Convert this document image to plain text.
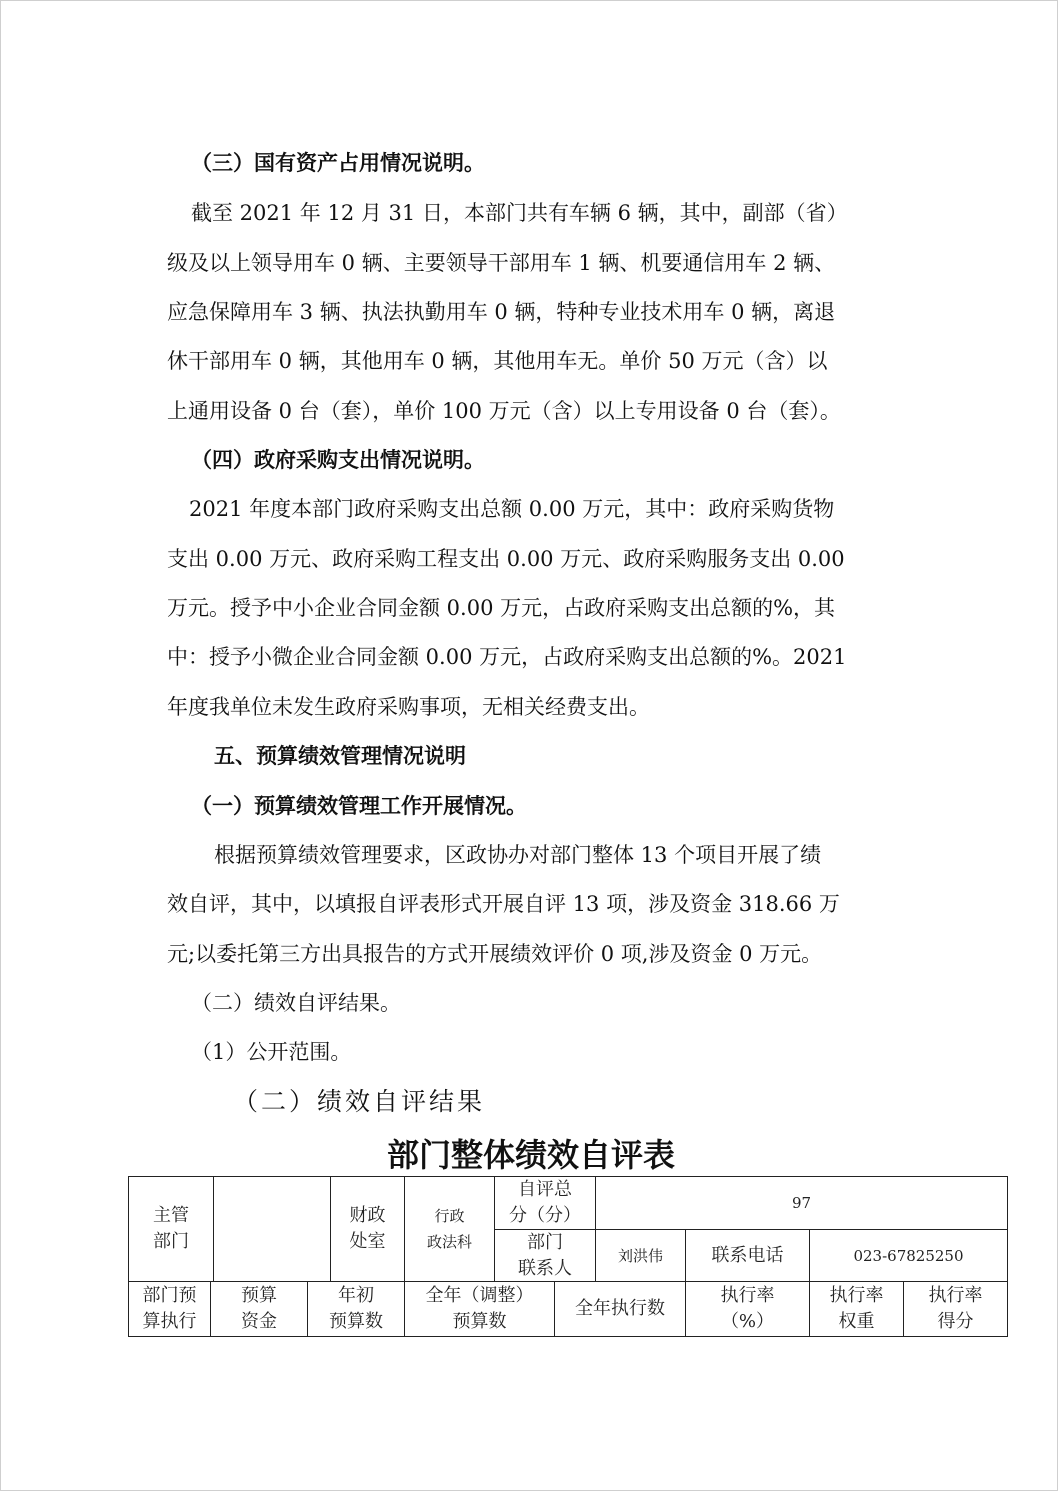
（三）国有资产占用情况说明。
截至 2021 年 12 月 31 日，本部门共有车辆 6 辆，其中，副部（省）
级及以上领导用车 0 辆、主要领导干部用车 1 辆、机要通信用车 2 辆、
应急保障用车 3 辆、执法执勤用车 0 辆，特种专业技术用车 0 辆，离退
休干部用车 0 辆，其他用车 0 辆，其他用车无。单价 50 万元（含）以
上通用设备 0 台（套），单价 100 万元（含）以上专用设备 0 台（套）。
（四）政府采购支出情况说明。
2021 年度本部门政府采购支出总额 0.00 万元，其中：政府采购货物
支出 0.00 万元、政府采购工程支出 0.00 万元、政府采购服务支出 0.00
万元。授予中小企业合同金额 0.00 万元，占政府采购支出总额的%，其
中：授予小微企业合同金额 0.00 万元，占政府采购支出总额的%。2021
年度我单位未发生政府采购事项，无相关经费支出。
五、预算绩效管理情况说明
（一）预算绩效管理工作开展情况。
根据预算绩效管理要求，区政协办对部门整体 13 个项目开展了绩
效自评，其中，以填报自评表形式开展自评 13 项，涉及资金 318.66 万
元;以委托第三方出具报告的方式开展绩效评价 0 项,涉及资金 0 万元。
（二）绩效自评结果。
（1）公开范围。
（二）绩效自评结果
部门整体绩效自评表
主管
部门
财政
处室
行政
政法科
自评总
分（分）
97
部门
联系人
刘洪伟	联系电话	023-67825250
部门预
算执行
预算
资金
年初
预算数
全年（调整）
预算数
全年执行数
执行率
（%）
执行率
权重
执行率
得分
